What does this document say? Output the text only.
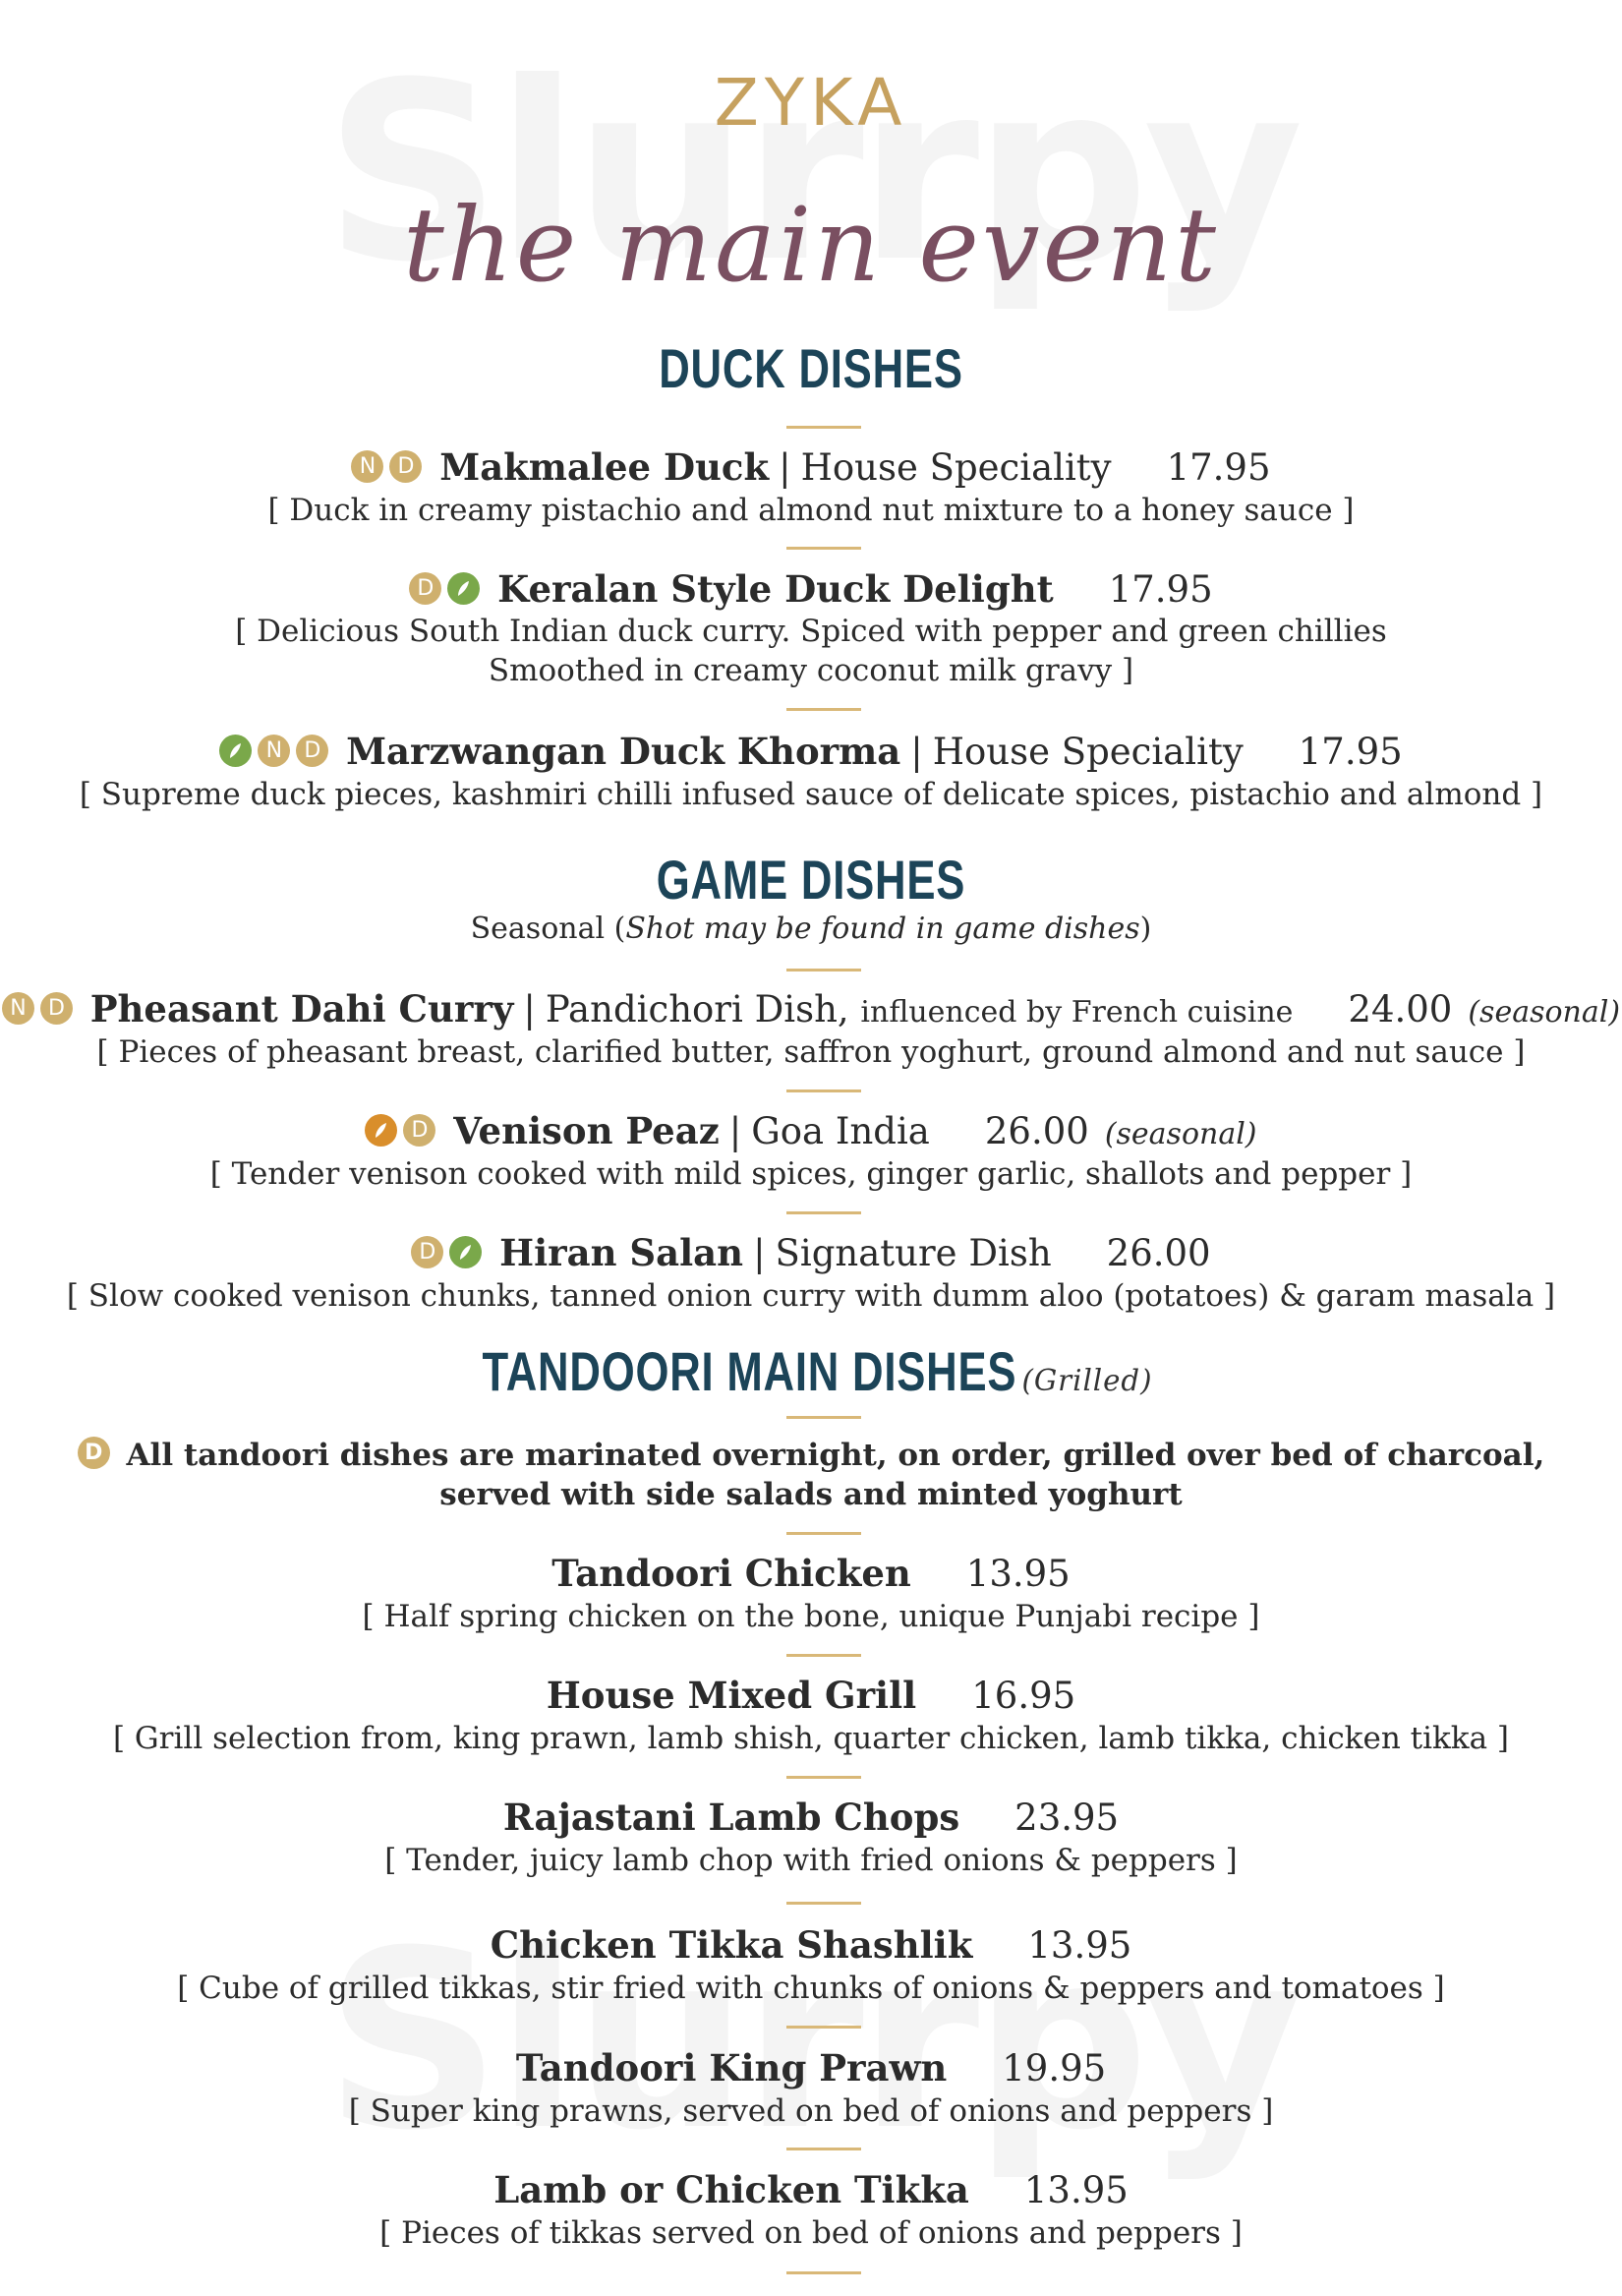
ZYKA
the main event
DUCK DISHES
N D Makmalee Duck | House Speciality 17.95
[ Duck in creamy pistachio and almond nut mixture to a honey sauce ]
D Keralan Style Duck Delight 17.95
[ Delicious South Indian duck curry. Spiced with pepper and green chillies
Smoothed in creamy coconut milk gravy ]
N D Marzwangan Duck Khorma | House Speciality 17.95
[ Supreme duck pieces, kashmiri chilli infused sauce of delicate spices, pistachio and almond ]
GAME DISHES
Seasonal (Shot may be found in game dishes)
N D Pheasant Dahi Curry | Pandichori Dish, influenced by French cuisine 24.00 (seasonal)
[ Pieces of pheasant breast, clarified butter, saffron yoghurt, ground almond and nut sauce ]
D Venison Peaz | Goa India 26.00 (seasonal)
[ Tender venison cooked with mild spices, ginger garlic, shallots and pepper ]
D Hiran Salan | Signature Dish 26.00
[ Slow cooked venison chunks, tanned onion curry with dumm aloo (potatoes) & garam masala ]
TANDOORI MAIN DISHES (Grilled)
D All tandoori dishes are marinated overnight, on order, grilled over bed of charcoal,
served with side salads and minted yoghurt
Tandoori Chicken 13.95
[ Half spring chicken on the bone, unique Punjabi recipe ]
House Mixed Grill 16.95
[ Grill selection from, king prawn, lamb shish, quarter chicken, lamb tikka, chicken tikka ]
Rajastani Lamb Chops 23.95
[ Tender, juicy lamb chop with fried onions & peppers ]
Chicken Tikka Shashlik 13.95
[ Cube of grilled tikkas, stir fried with chunks of onions & peppers and tomatoes ]
Tandoori King Prawn 19.95
[ Super king prawns, served on bed of onions and peppers ]
Lamb or Chicken Tikka 13.95
[ Pieces of tikkas served on bed of onions and peppers ]
